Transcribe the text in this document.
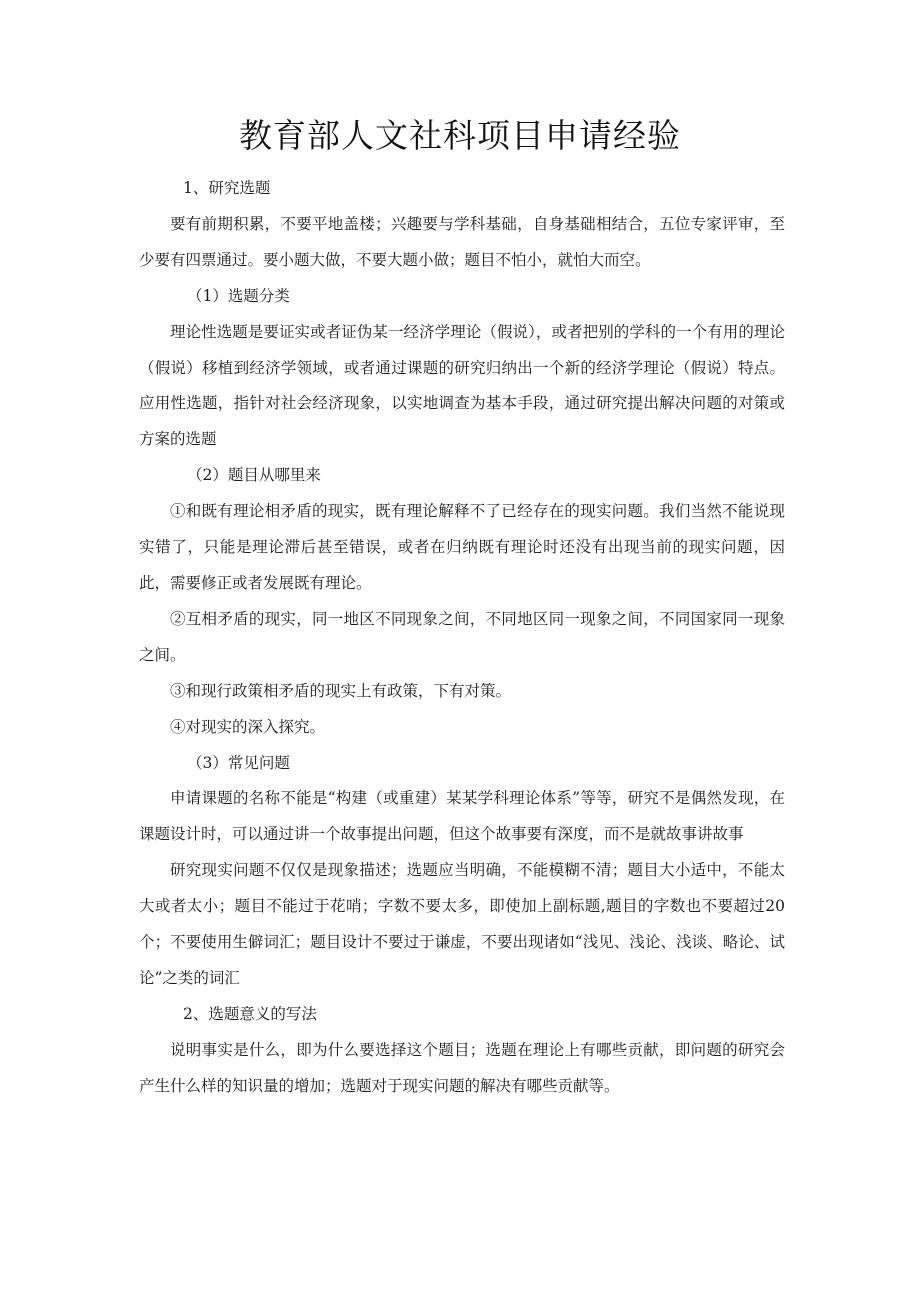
教育部人文社科项目申请经验

1、研究选题

要有前期积累，不要平地盖楼；兴趣要与学科基础，自身基础相结合，五位专家评审，至少要有四票通过。要小题大做，不要大题小做；题目不怕小，就怕大而空。

（1）选题分类

理论性选题是要证实或者证伪某一经济学理论（假说），或者把别的学科的一个有用的理论（假说）移植到经济学领域，或者通过课题的研究归纳出一个新的经济学理论（假说）特点。应用性选题，指针对社会经济现象，以实地调查为基本手段，通过研究提出解决问题的对策或方案的选题

（2）题目从哪里来

①和既有理论相矛盾的现实，既有理论解释不了已经存在的现实问题。我们当然不能说现实错了，只能是理论滞后甚至错误，或者在归纳既有理论时还没有出现当前的现实问题，因此，需要修正或者发展既有理论。

②互相矛盾的现实，同一地区不同现象之间，不同地区同一现象之间，不同国家同一现象之间。

③和现行政策相矛盾的现实上有政策，下有对策。

④对现实的深入探究。

（3）常见问题

申请课题的名称不能是“构建（或重建）某某学科理论体系”等等，研究不是偶然发现，在课题设计时，可以通过讲一个故事提出问题，但这个故事要有深度，而不是就故事讲故事

研究现实问题不仅仅是现象描述；选题应当明确，不能模糊不清；题目大小适中，不能太大或者太小；题目不能过于花哨；字数不要太多，即使加上副标题,题目的字数也不要超过20个；不要使用生僻词汇；题目设计不要过于谦虚，不要出现诸如“浅见、浅论、浅谈、略论、试论”之类的词汇

2、选题意义的写法

说明事实是什么，即为什么要选择这个题目；选题在理论上有哪些贡献，即问题的研究会产生什么样的知识量的增加；选题对于现实问题的解决有哪些贡献等。
